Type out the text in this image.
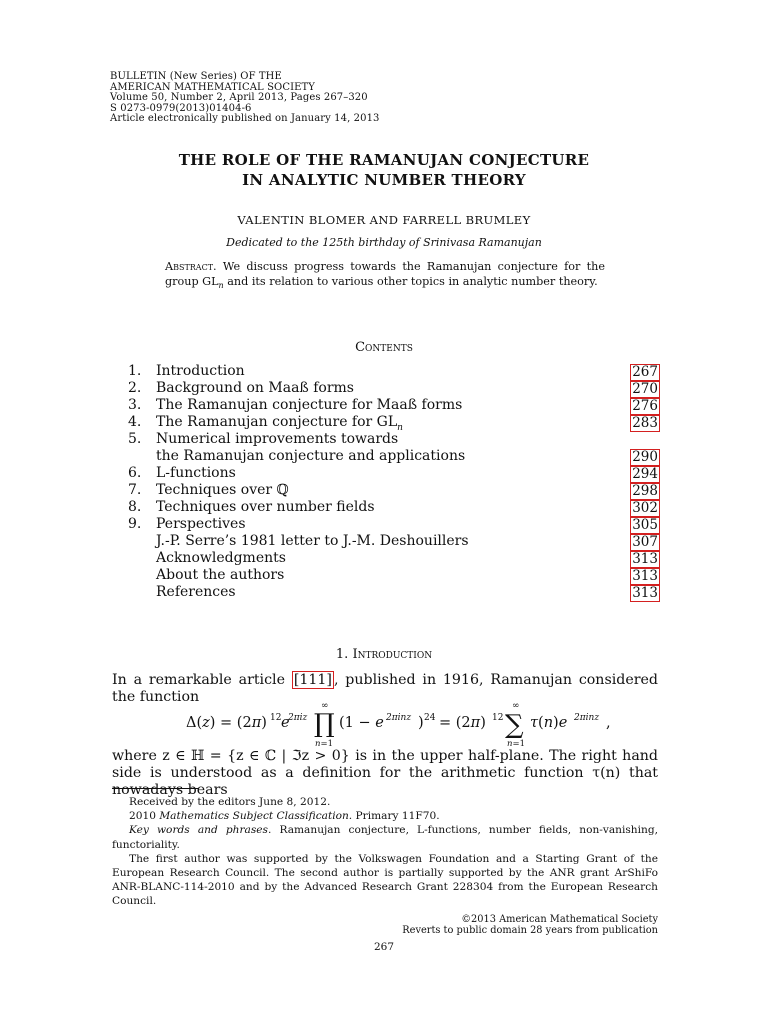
BULLETIN (New Series) OF THE
AMERICAN MATHEMATICAL SOCIETY
Volume 50, Number 2, April 2013, Pages 267–320
S 0273-0979(2013)01404-6
Article electronically published on January 14, 2013
THE ROLE OF THE RAMANUJAN CONJECTURE
IN ANALYTIC NUMBER THEORY
VALENTIN BLOMER AND FARRELL BRUMLEY
Dedicated to the 125th birthday of Srinivasa Ramanujan
Abstract. We discuss progress towards the Ramanujan conjecture for the group $GL_n$ and its relation to various other topics in analytic number theory.
Contents
1. Introduction	267
2. Background on Maaß forms	270
3. The Ramanujan conjecture for Maaß forms	276
4. The Ramanujan conjecture for $GL_n$	283
5. Numerical improvements towards
the Ramanujan conjecture and applications	290
6. L-functions	294
7. Techniques over ℚ	298
8. Techniques over number fields	302
9. Perspectives	305
J.-P. Serre’s 1981 letter to J.-M. Deshouillers	307
Acknowledgments	313
About the authors	313
References	313
1. Introduction
In a remarkable article [111] , published in 1916, Ramanujan considered the function
Δ(z) = (2π) 12 e
2πiz ∏
∞
n=1
(1 − e 2πinz ) 24 = (2π) 12 ∑
∞
n=1
τ(n)e 2πinz ,
where z ∈ ℍ = {z ∈ ℂ | ℑz > 0} is in the upper half-plane. The right hand side is understood as a definition for the arithmetic function τ(n) that nowadays bears

Received by the editors June 8, 2012.

2010 Mathematics Subject Classification. Primary 11F70.

Key words and phrases. Ramanujan conjecture, L-functions, number fields, non-vanishing, functoriality.

The first author was supported by the Volkswagen Foundation and a Starting Grant of the European Research Council. The second author is partially supported by the ANR grant ArShiFo ANR-BLANC-114-2010 and by the Advanced Research Grant 228304 from the European Research Council.

©2013 American Mathematical Society
Reverts to public domain 28 years from publication
267
